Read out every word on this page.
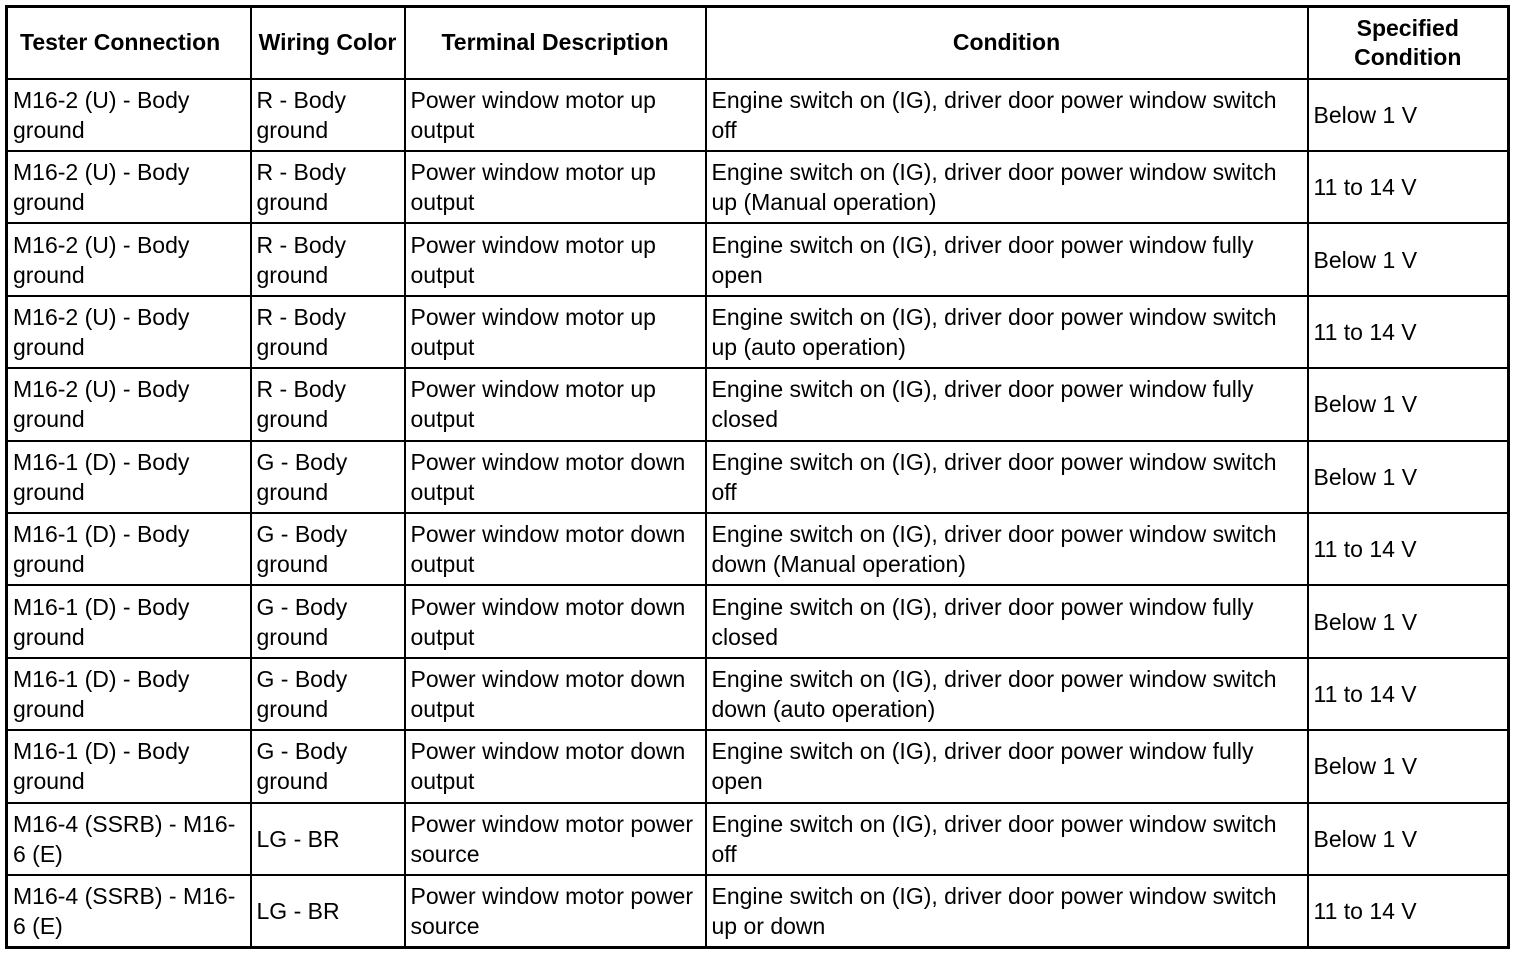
Tester Connection	Wiring Color	Terminal Description	Condition	Specified Condition
M16-2 (U) - Body ground	R - Body ground	Power window motor up output	Engine switch on (IG), driver door power window switch off	Below 1 V
M16-2 (U) - Body ground	R - Body ground	Power window motor up output	Engine switch on (IG), driver door power window switch up (Manual operation)	11 to 14 V
M16-2 (U) - Body ground	R - Body ground	Power window motor up output	Engine switch on (IG), driver door power window fully open	Below 1 V
M16-2 (U) - Body ground	R - Body ground	Power window motor up output	Engine switch on (IG), driver door power window switch up (auto operation)	11 to 14 V
M16-2 (U) - Body ground	R - Body ground	Power window motor up output	Engine switch on (IG), driver door power window fully closed	Below 1 V
M16-1 (D) - Body ground	G - Body ground	Power window motor down output	Engine switch on (IG), driver door power window switch off	Below 1 V
M16-1 (D) - Body ground	G - Body ground	Power window motor down output	Engine switch on (IG), driver door power window switch down (Manual operation)	11 to 14 V
M16-1 (D) - Body ground	G - Body ground	Power window motor down output	Engine switch on (IG), driver door power window fully closed	Below 1 V
M16-1 (D) - Body ground	G - Body ground	Power window motor down output	Engine switch on (IG), driver door power window switch down (auto operation)	11 to 14 V
M16-1 (D) - Body ground	G - Body ground	Power window motor down output	Engine switch on (IG), driver door power window fully open	Below 1 V
M16-4 (SSRB) - M16-6 (E)	LG - BR	Power window motor power source	Engine switch on (IG), driver door power window switch off	Below 1 V
M16-4 (SSRB) - M16-6 (E)	LG - BR	Power window motor power source	Engine switch on (IG), driver door power window switch up or down	11 to 14 V
